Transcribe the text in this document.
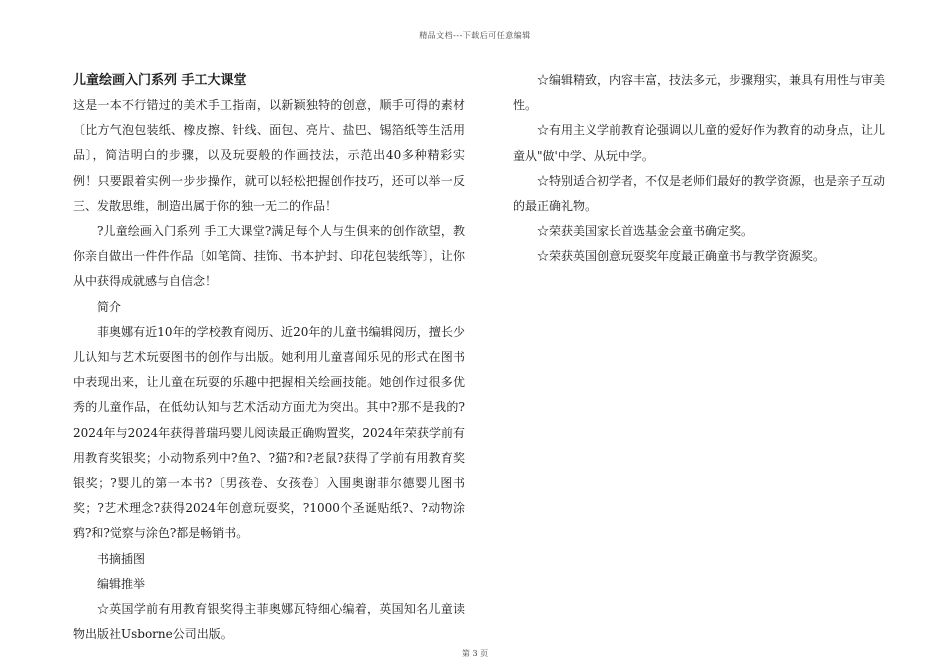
精品文档---下载后可任意编辑
儿童绘画入门系列 手工大课堂

这是一本不行错过的美术手工指南，以新颖独特的创意，顺手可得的素材〔比方气泡包装纸、橡皮擦、针线、面包、亮片、盐巴、锡箔纸等生活用品〕，简洁明白的步骤，以及玩耍般的作画技法，示范出40多种精彩实例！只要跟着实例一步步操作，就可以轻松把握创作技巧，还可以举一反三、发散思维，制造出属于你的独一无二的作品！

?儿童绘画入门系列 手工大课堂?满足每个人与生俱来的创作欲望，教你亲自做出一件件作品〔如笔筒、挂饰、书本护封、印花包装纸等〕，让你从中获得成就感与自信念！

简介

菲奥娜有近10年的学校教育阅历、近20年的儿童书编辑阅历，擅长少儿认知与艺术玩耍图书的创作与出版。她利用儿童喜闻乐见的形式在图书中表现出来，让儿童在玩耍的乐趣中把握相关绘画技能。她创作过很多优秀的儿童作品，在低幼认知与艺术活动方面尤为突出。其中?那不是我的?2024年与2024年获得普瑞玛婴儿阅读最正确购置奖，2024年荣获学前有用教育奖银奖；小动物系列中?鱼?、?猫?和?老鼠?获得了学前有用教育奖银奖；?婴儿的第一本书?〔男孩卷、女孩卷〕入围奥谢菲尔德婴儿图书奖；?艺术理念?获得2024年创意玩耍奖，?1000个圣诞贴纸?、?动物涂鸦?和?觉察与涂色?都是畅销书。

书摘插图

编辑推举

☆英国学前有用教育银奖得主菲奥娜瓦特细心编着，英国知名儿童读物出版社Usborne公司出版。

☆编辑精致，内容丰富，技法多元，步骤翔实，兼具有用性与审美性。

☆有用主义学前教育论强调以儿童的爱好作为教育的动身点，让儿童从"做'中学、从玩中学。

☆特别适合初学者，不仅是老师们最好的教学资源，也是亲子互动的最正确礼物。

☆荣获美国家长首选基金会童书确定奖。

☆荣获英国创意玩耍奖年度最正确童书与教学资源奖。

第 3 页
